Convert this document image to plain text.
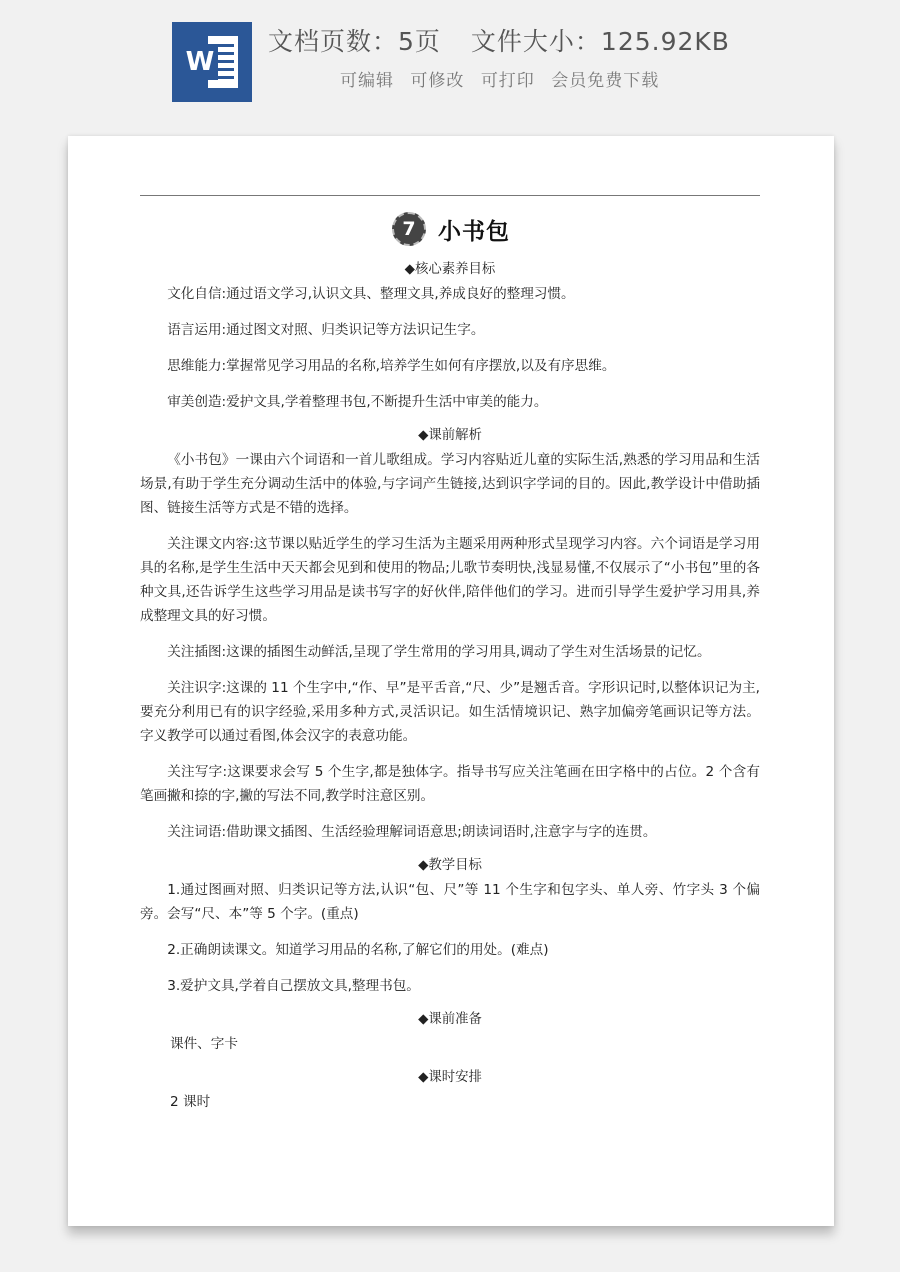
W
文档页数：5页 文件大小：125.92KB
可编辑 可修改 可打印 会员免费下载
7 小书包
◆核心素养目标
文化自信:通过语文学习,认识文具、整理文具,养成良好的整理习惯。
语言运用:通过图文对照、归类识记等方法识记生字。
思维能力:掌握常见学习用品的名称,培养学生如何有序摆放,以及有序思维。
审美创造:爱护文具,学着整理书包,不断提升生活中审美的能力。
◆课前解析
《小书包》一课由六个词语和一首儿歌组成。学习内容贴近儿童的实际生活,熟悉的学习用品和生活场景,有助于学生充分调动生活中的体验,与字词产生链接,达到识字学词的目的。因此,教学设计中借助插图、链接生活等方式是不错的选择。
关注课文内容:这节课以贴近学生的学习生活为主题采用两种形式呈现学习内容。六个词语是学习用具的名称,是学生生活中天天都会见到和使用的物品;儿歌节奏明快,浅显易懂,不仅展示了“小书包”里的各种文具,还告诉学生这些学习用品是读书写字的好伙伴,陪伴他们的学习。进而引导学生爱护学习用具,养成整理文具的好习惯。
关注插图:这课的插图生动鲜活,呈现了学生常用的学习用具,调动了学生对生活场景的记忆。
关注识字:这课的 11 个生字中,“作、早”是平舌音,“尺、少”是翘舌音。字形识记时,以整体识记为主,要充分利用已有的识字经验,采用多种方式,灵活识记。如生活情境识记、熟字加偏旁笔画识记等方法。字义教学可以通过看图,体会汉字的表意功能。
关注写字:这课要求会写 5 个生字,都是独体字。指导书写应关注笔画在田字格中的占位。2 个含有笔画撇和捺的字,撇的写法不同,教学时注意区别。
关注词语:借助课文插图、生活经验理解词语意思;朗读词语时,注意字与字的连贯。
◆教学目标
1.通过图画对照、归类识记等方法,认识“包、尺”等 11 个生字和包字头、单人旁、竹字头 3 个偏旁。会写“尺、本”等 5 个字。(重点)
2.正确朗读课文。知道学习用品的名称,了解它们的用处。(难点)
3.爱护文具,学着自己摆放文具,整理书包。
◆课前准备
课件、字卡
◆课时安排
2 课时
